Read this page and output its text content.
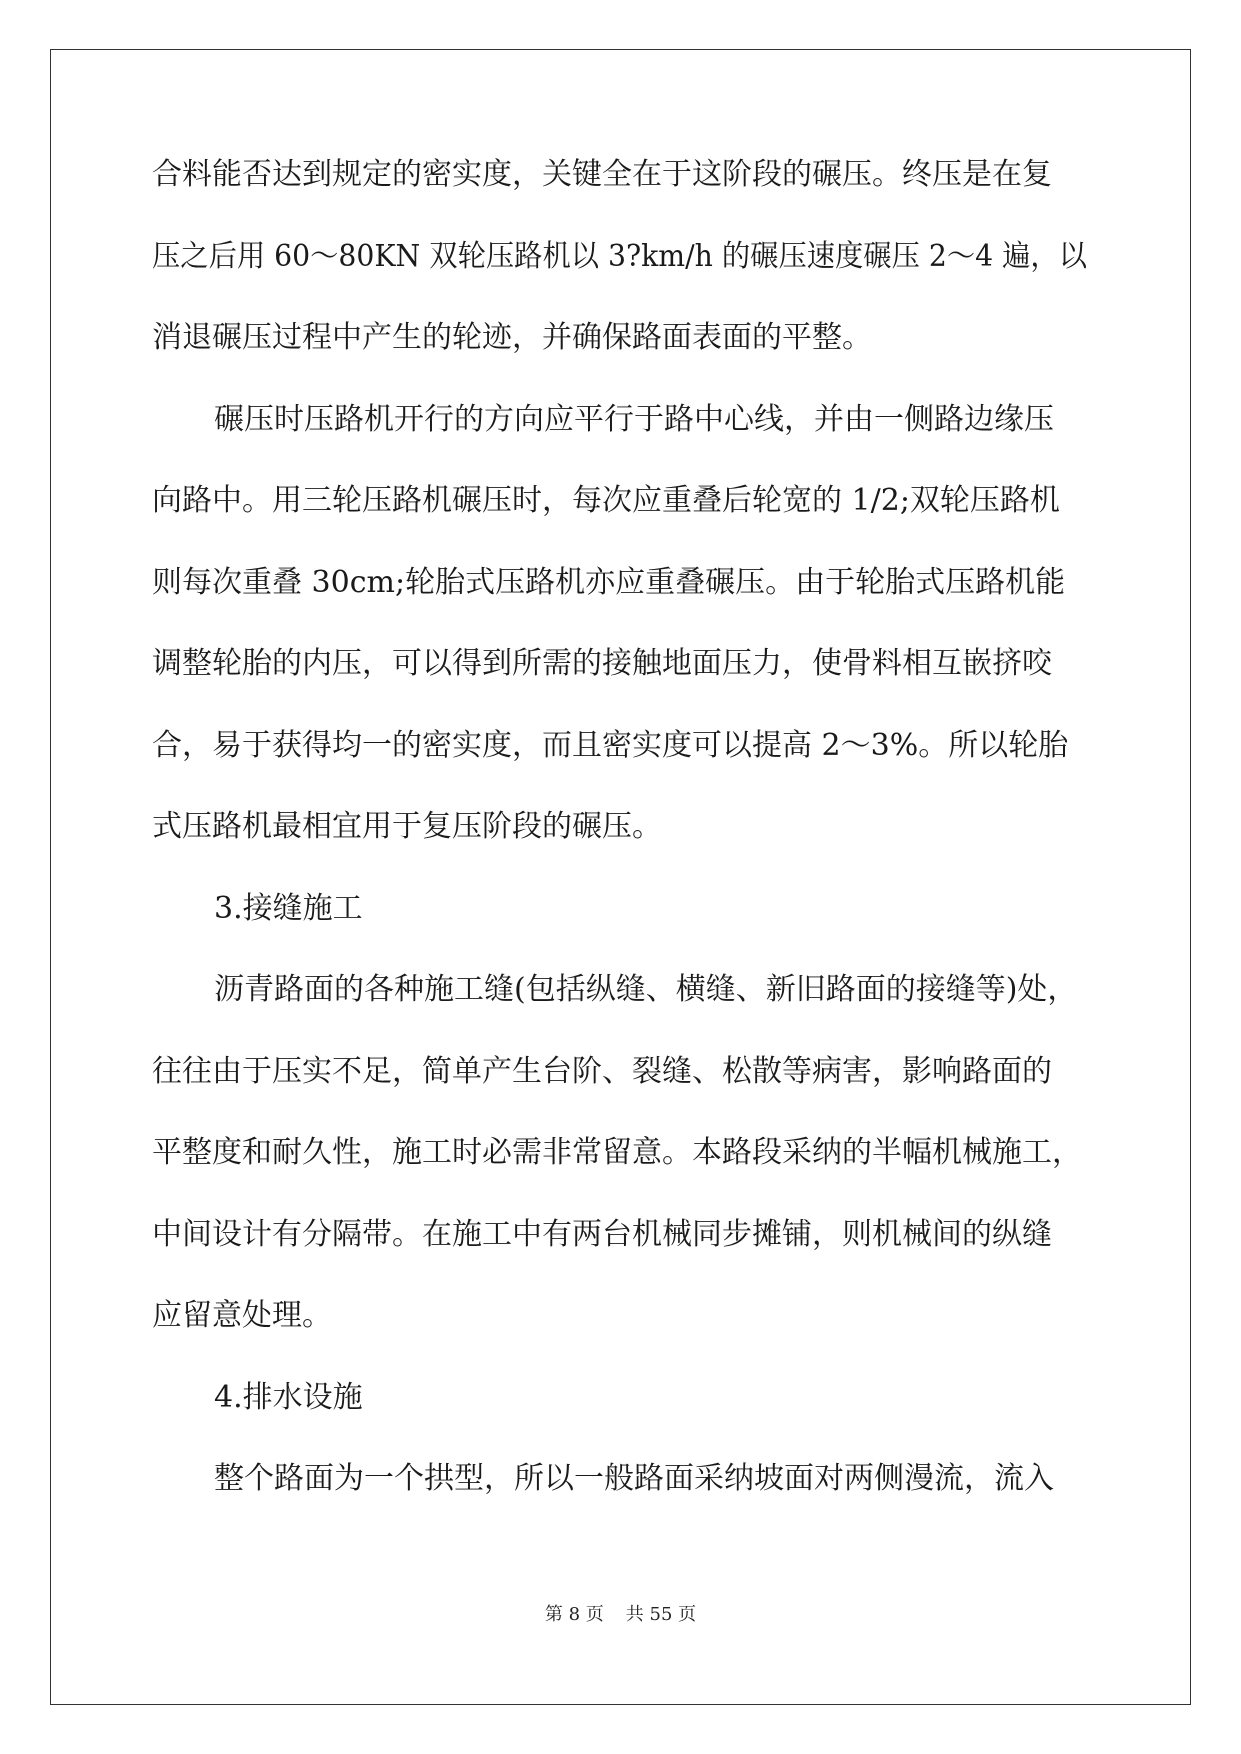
合料能否达到规定的密实度，关键全在于这阶段的碾压。终压是在复
压之后用 60～80KN 双轮压路机以 3?km/h 的碾压速度碾压 2～4 遍，以
消退碾压过程中产生的轮迹，并确保路面表面的平整。
碾压时压路机开行的方向应平行于路中心线，并由一侧路边缘压
向路中。用三轮压路机碾压时，每次应重叠后轮宽的 1/2;双轮压路机
则每次重叠 30cm;轮胎式压路机亦应重叠碾压。由于轮胎式压路机能
调整轮胎的内压，可以得到所需的接触地面压力，使骨料相互嵌挤咬
合，易于获得均一的密实度，而且密实度可以提高 2～3%。所以轮胎
式压路机最相宜用于复压阶段的碾压。
3.接缝施工
沥青路面的各种施工缝(包括纵缝、横缝、新旧路面的接缝等)处，
往往由于压实不足，简单产生台阶、裂缝、松散等病害，影响路面的
平整度和耐久性，施工时必需非常留意。本路段采纳的半幅机械施工，
中间设计有分隔带。在施工中有两台机械同步摊铺，则机械间的纵缝
应留意处理。
4.排水设施
整个路面为一个拱型，所以一般路面采纳坡面对两侧漫流，流入
第 8 页 共 55 页
